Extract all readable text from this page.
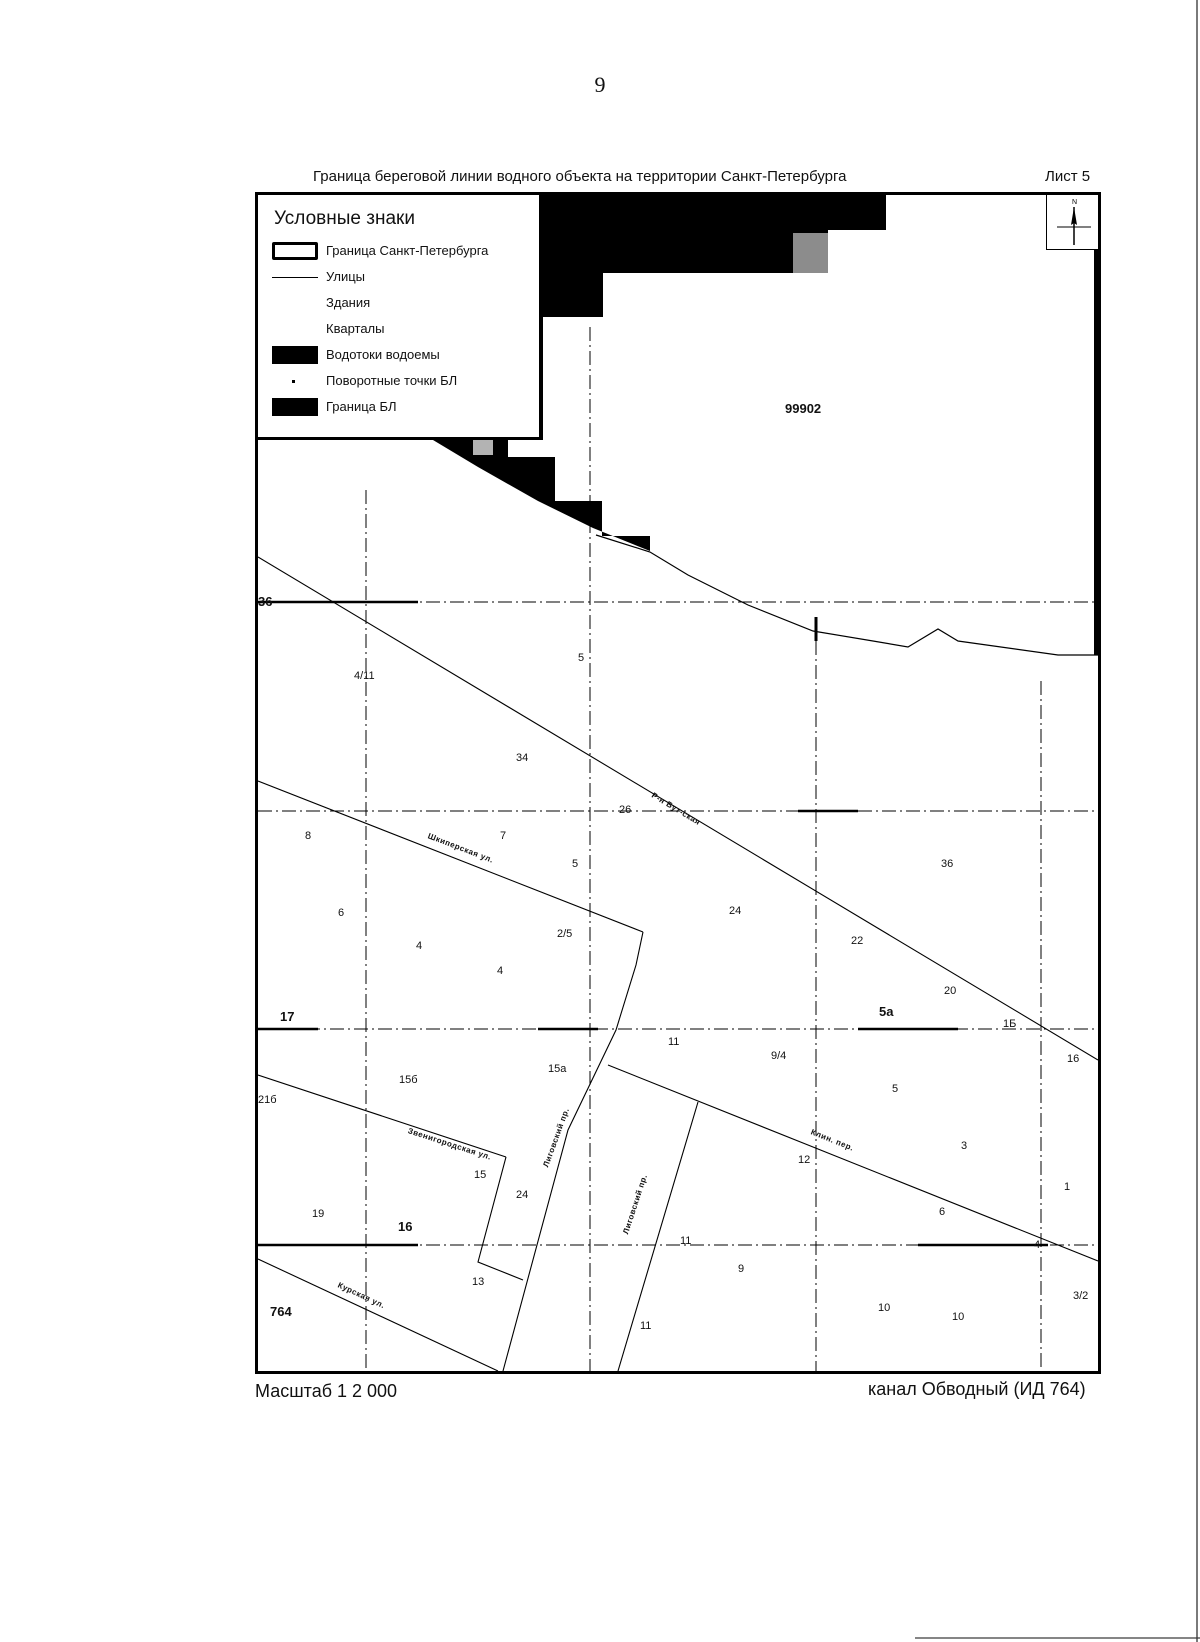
9
Граница береговой линии водного объекта на территории Санкт-Петербурга	Лист 5
Условные знаки
Граница Санкт-Петербурга
Улицы
Здания
Кварталы
Водотоки водоемы
Поворотные точки БЛ
Граница БЛ
N
99902
36
4/11
5
34
26
8	7
5	36
6	24
4
2/5
22
4
20
17	5а
1Б
11
9/4	16
15б
15а
5
21б
3
12
15
1
24
19	6
16
11	4
9
13
3/2
764	10
10
11
Р-н Бут-ская
Шкиперская ул.
Звенигородская ул.	Клин. пер.
Лиговский пр.
Лиговский пр.
Курская ул.
Масштаб 1 2 000	канал Обводный (ИД 764)
